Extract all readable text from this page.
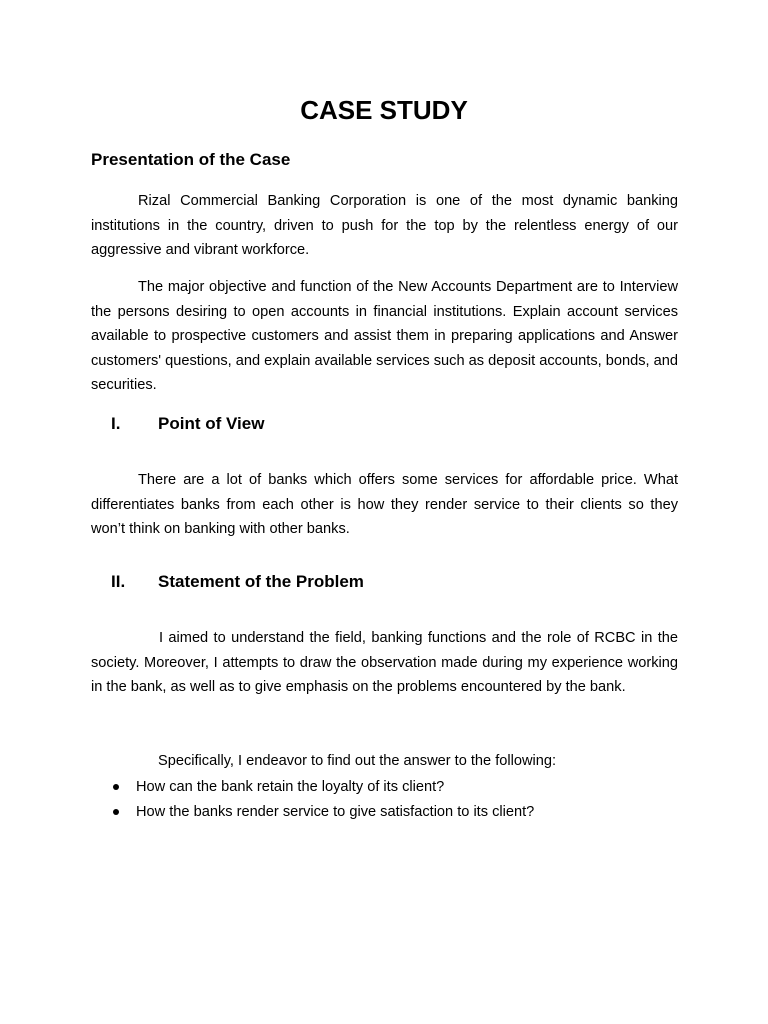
CASE STUDY
Presentation of the Case

Rizal Commercial Banking Corporation is one of the most dynamic banking institutions in the country, driven to push for the top by the relentless energy of our aggressive and vibrant workforce.

The major objective and function of the New Accounts Department are to Interview the persons desiring to open accounts in financial institutions. Explain account services available to prospective customers and assist them in preparing applications and Answer customers' questions, and explain available services such as deposit accounts, bonds, and securities.

I. Point of View

There are a lot of banks which offers some services for affordable price. What differentiates banks from each other is how they render service to their clients so they won’t think on banking with other banks.

II. Statement of the Problem

I aimed to understand the field, banking functions and the role of RCBC in the society. Moreover, I attempts to draw the observation made during my experience working in the bank, as well as to give emphasis on the problems encountered by the bank.

Specifically, I endeavor to find out the answer to the following:
How can the bank retain the loyalty of its client?
How the banks render service to give satisfaction to its client?
